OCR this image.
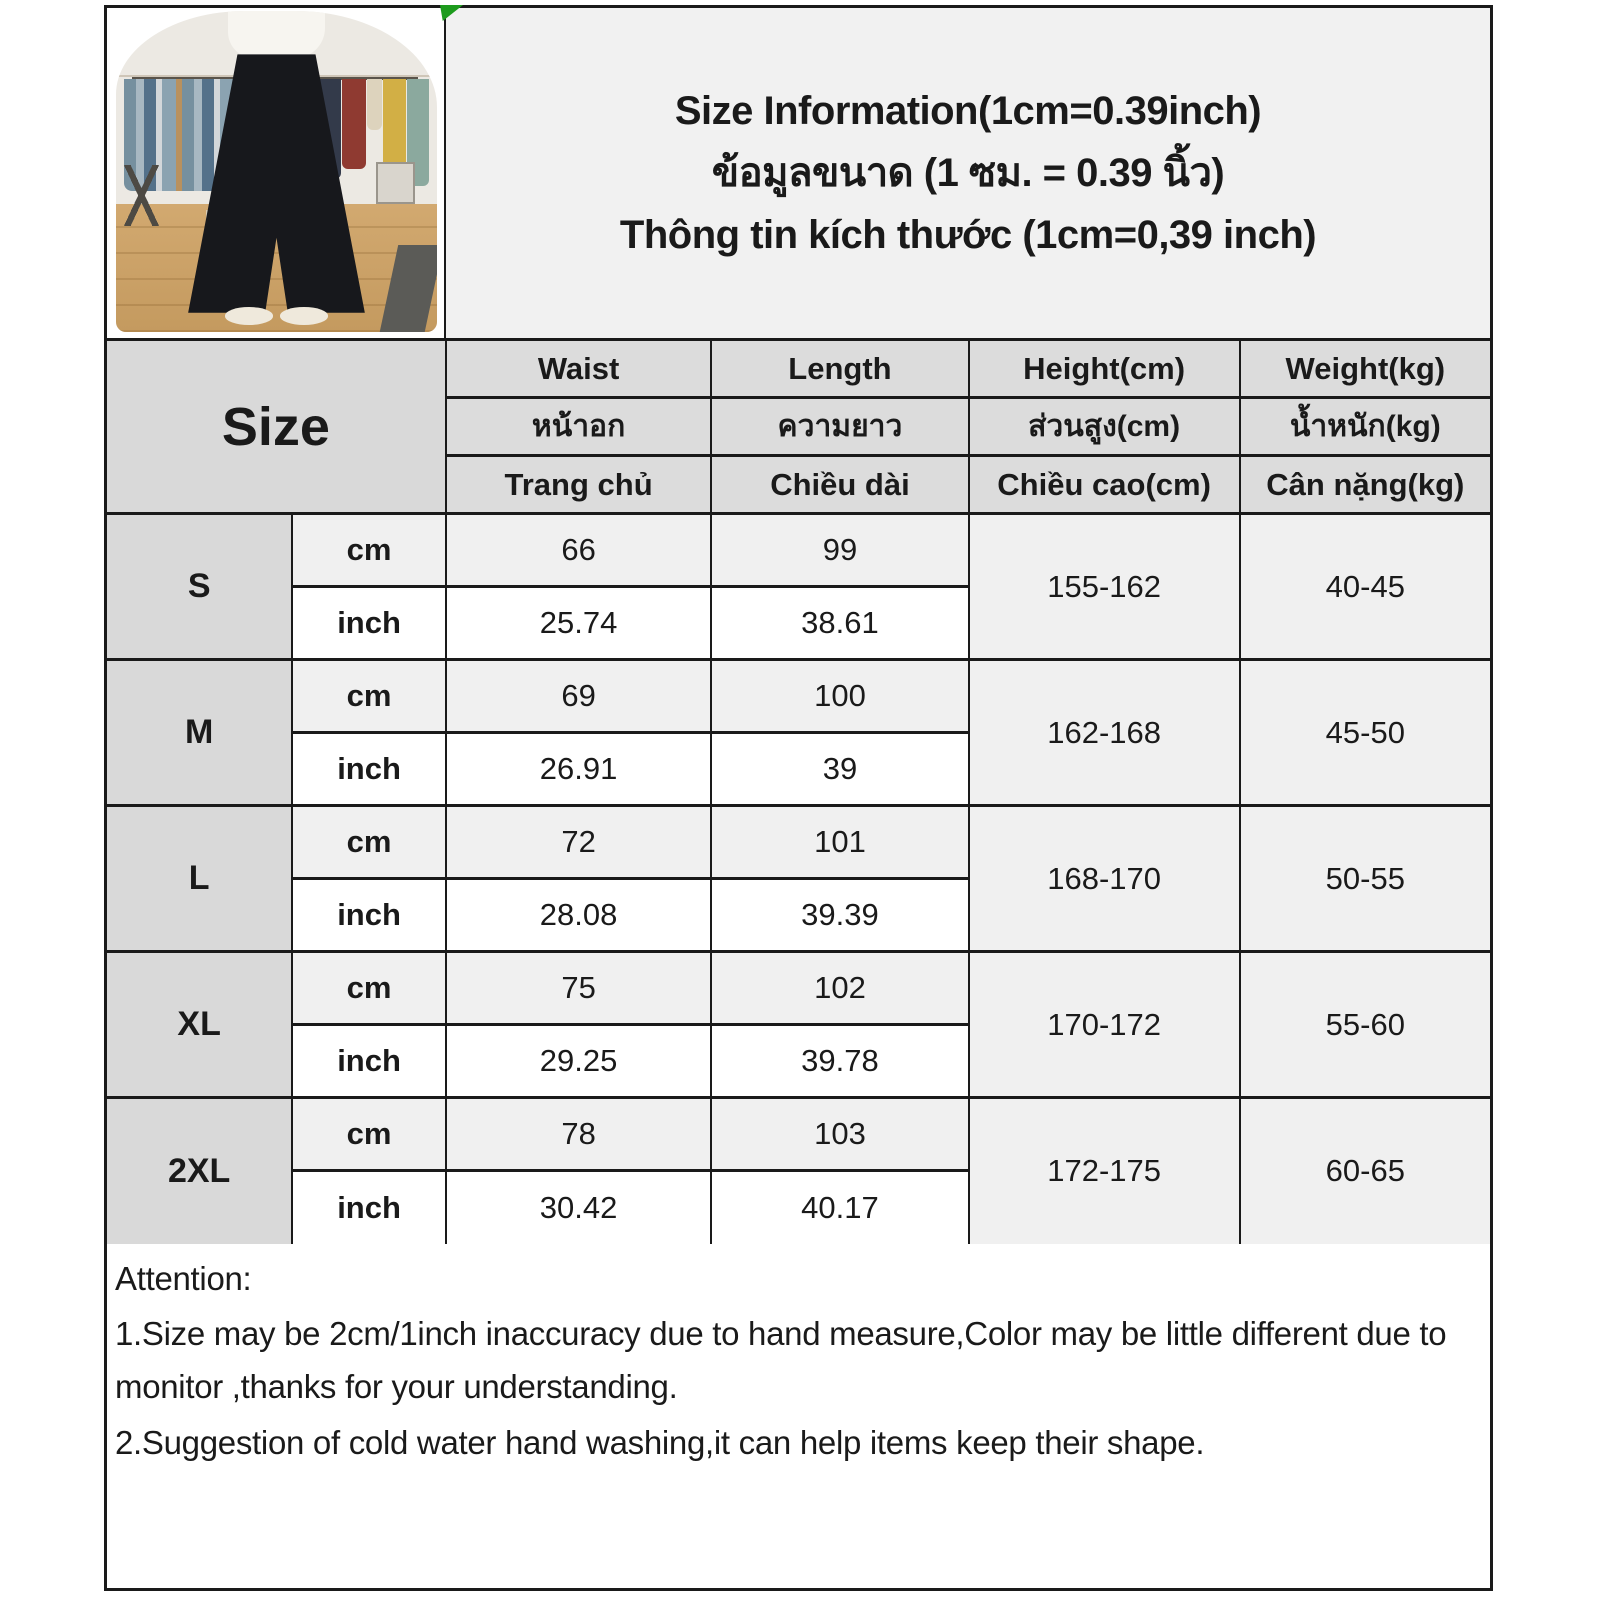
Size Information(1cm=0.39inch)
ข้อมูลขนาด (1 ซม. = 0.39 นิ้ว)
Thông tin kích thước (1cm=0,39 inch)
Size		Waist	Length	Height(cm)	Weight(kg)
		หน้าอก	ความยาว	ส่วนสูง(cm)	น้ำหนัก(kg)
		Trang chủ	Chiều dài	Chiều cao(cm)	Cân nặng(kg)
S	cm	66	99	155-162	40-45
	inch	25.74	38.61		
M	cm	69	100	162-168	45-50
	inch	26.91	39		
L	cm	72	101	168-170	50-55
	inch	28.08	39.39		
XL	cm	75	102	170-172	55-60
	inch	29.25	39.78		
2XL	cm	78	103	172-175	60-65
	inch	30.42	40.17		

Attention:

1.Size may be 2cm/1inch inaccuracy due to hand measure,Color may be little different due to monitor ,thanks for your understanding.

2.Suggestion of cold water hand washing,it can help items keep their shape.
